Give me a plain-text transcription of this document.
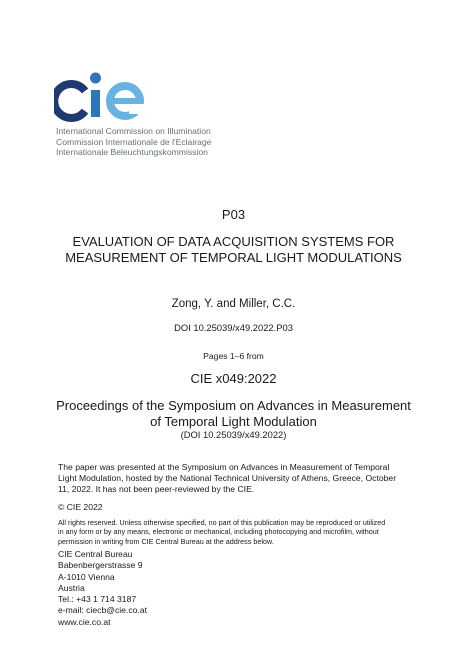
International Commission on Illumination
Commission Internationale de l'Eclairage
Internationale Beleuchtungskommission
P03
EVALUATION OF DATA ACQUISITION SYSTEMS FOR
MEASUREMENT OF TEMPORAL LIGHT MODULATIONS
Zong, Y. and Miller, C.C.
DOI 10.25039/x49.2022.P03
Pages 1–6 from
CIE x049:2022
Proceedings of the Symposium on Advances in Measurement
of Temporal Light Modulation
(DOI 10.25039/x49.2022)
The paper was presented at the Symposium on Advances in Measurement of Temporal
Light Modulation, hosted by the National Technical University of Athens, Greece, October
11, 2022. It has not been peer-reviewed by the CIE.
© CIE 2022
All rights reserved. Unless otherwise specified, no part of this publication may be reproduced or utilized
in any form or by any means, electronic or mechanical, including photocopying and microfilm, without
permission in writing from CIE Central Bureau at the address below.
CIE Central Bureau
Babenbergerstrasse 9
A-1010 Vienna
Austria
Tel.: +43 1 714 3187
e-mail: ciecb@cie.co.at
www.cie.co.at
